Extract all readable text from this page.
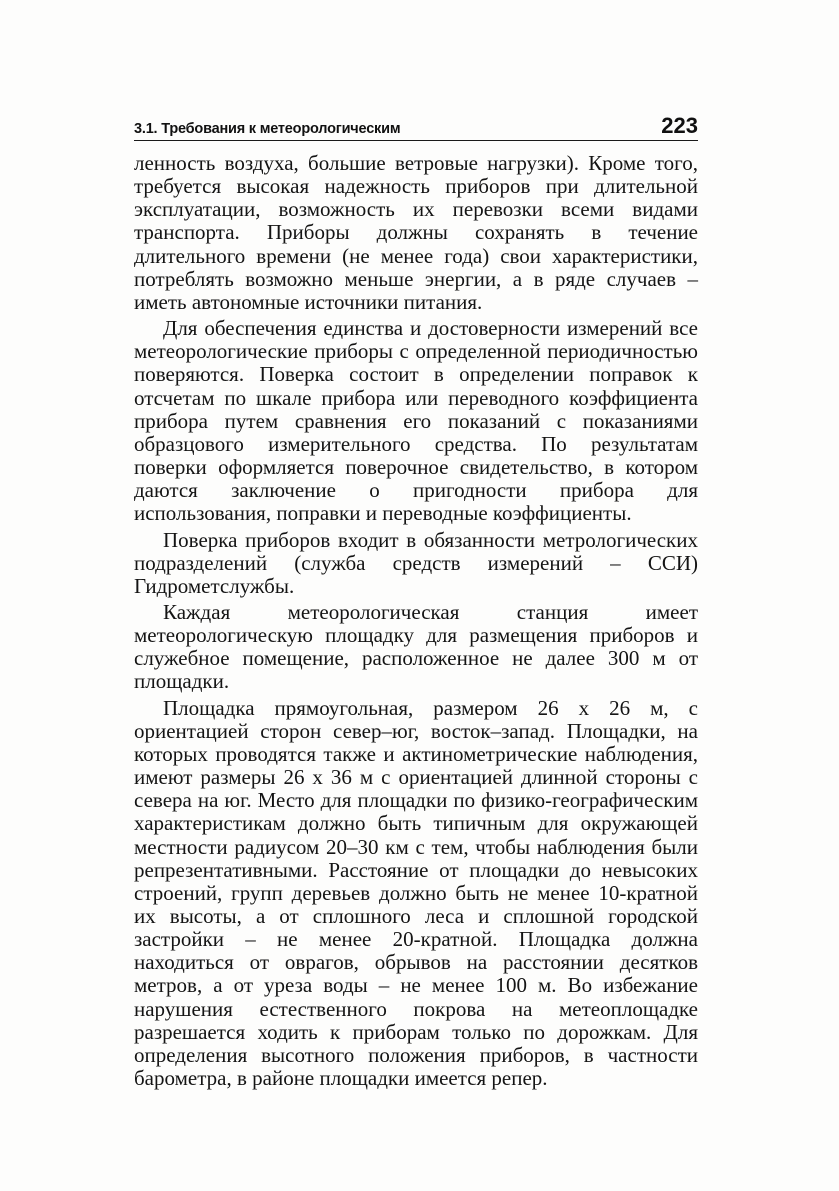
3.1. Требования к метеорологическим	223

ленность воздуха, большие ветровые нагрузки). Кроме того, требуется высокая надежность приборов при длительной эксплуатации, возможность их перевозки всеми видами транспорта. Приборы должны сохранять в течение длительного времени (не менее года) свои характеристики, потреблять возможно меньше энергии, а в ряде случаев – иметь автономные источники питания.

Для обеспечения единства и достоверности измерений все метеорологические приборы с определенной периодичностью поверяются. Поверка состоит в определении поправок к отсчетам по шкале прибора или переводного коэффициента прибора путем сравнения его показаний с показаниями образцового измерительного средства. По результатам поверки оформляется поверочное свидетельство, в котором даются заключение о пригодности прибора для использования, поправки и переводные коэффициенты.

Поверка приборов входит в обязанности метрологических подразделений (служба средств измерений – ССИ) Гидрометслужбы.

Каждая метеорологическая станция имеет метеорологическую площадку для размещения приборов и служебное помещение, расположенное не далее 300 м от площадки.

Площадка прямоугольная, размером 26 х 26 м, с ориентацией сторон север–юг, восток–запад. Площадки, на которых проводятся также и актинометрические наблюдения, имеют размеры 26 х 36 м с ориентацией длинной стороны с севера на юг. Место для площадки по физико-географическим характеристикам должно быть типичным для окружающей местности радиусом 20–30 км с тем, чтобы наблюдения были репрезентативными. Расстояние от площадки до невысоких строений, групп деревьев должно быть не менее 10-кратной их высоты, а от сплошного леса и сплошной городской застройки – не менее 20-кратной. Площадка должна находиться от оврагов, обрывов на расстоянии десятков метров, а от уреза воды – не менее 100 м. Во избежание нарушения естественного покрова на метеоплощадке разрешается ходить к приборам только по дорожкам. Для определения высотного положения приборов, в частности барометра, в районе площадки имеется репер.
